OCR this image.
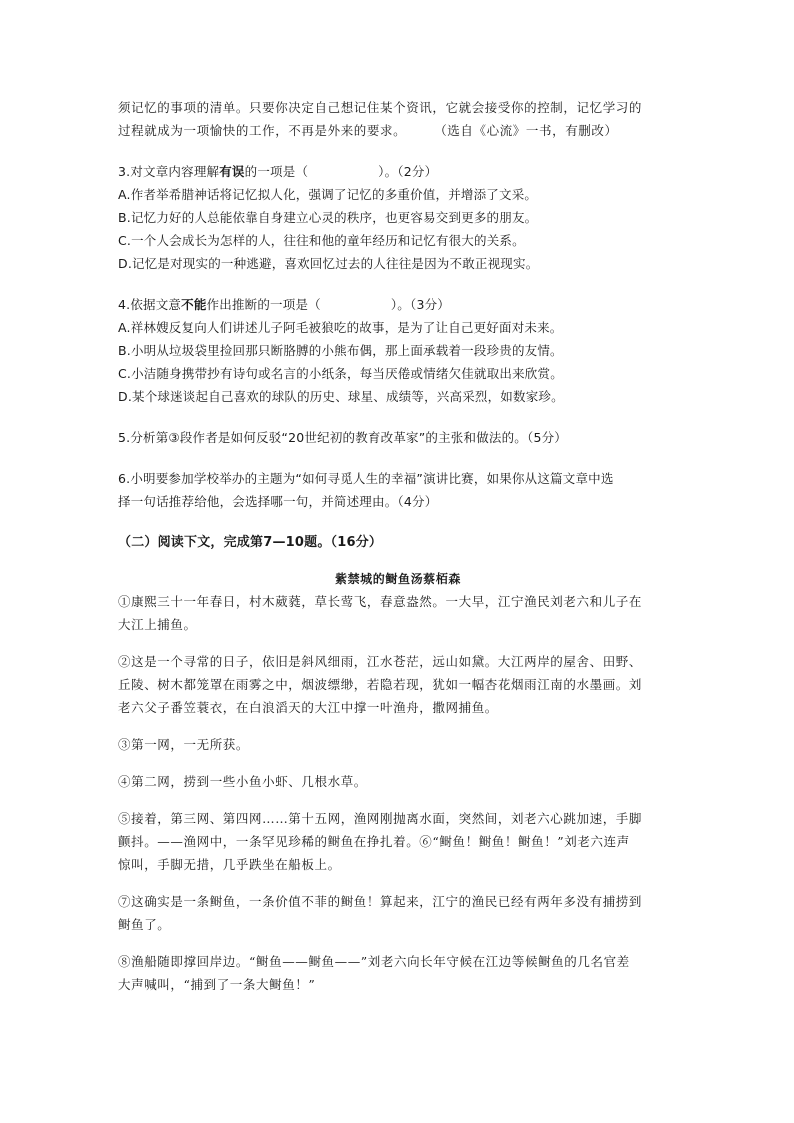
须记忆的事项的清单。只要你决定自己想记住某个资讯，它就会接受你的控制，记忆学习的
过程就成为一项愉快的工作，不再是外来的要求。 （选自《心流》一书，有删改）
3.对文章内容理解有误的一项是（	）。（2分）
A.作者举希腊神话将记忆拟人化，强调了记忆的多重价值，并增添了文采。
B.记忆力好的人总能依靠自身建立心灵的秩序，也更容易交到更多的朋友。
C.一个人会成长为怎样的人，往往和他的童年经历和记忆有很大的关系。
D.记忆是对现实的一种逃避，喜欢回忆过去的人往往是因为不敢正视现实。
4.依据文意不能作出推断的一项是（	）。（3分）
A.祥林嫂反复向人们讲述儿子阿毛被狼吃的故事，是为了让自己更好面对未来。
B.小明从垃圾袋里捡回那只断胳膊的小熊布偶，那上面承载着一段珍贵的友情。
C.小洁随身携带抄有诗句或名言的小纸条，每当厌倦或情绪欠佳就取出来欣赏。
D.某个球迷谈起自己喜欢的球队的历史、球星、成绩等，兴高采烈，如数家珍。
5.分析第③段作者是如何反驳“20世纪初的教育改革家”的主张和做法的。（5分）
6.小明要参加学校举办的主题为“如何寻觅人生的幸福”演讲比赛，如果你从这篇文章中选
择一句话推荐给他，会选择哪一句，并简述理由。（4分）
（二）阅读下文，完成第7—10题。（16分）
紫禁城的鲥鱼汤蔡栢森
①康熙三十一年春日，村木葳蕤，草长莺飞，春意盎然。一大早，江宁渔民刘老六和儿子在
大江上捕鱼。
②这是一个寻常的日子，依旧是斜风细雨，江水苍茫，远山如黛。大江两岸的屋舍、田野、
丘陵、树木都笼罩在雨雾之中，烟波缥缈，若隐若现，犹如一幅杏花烟雨江南的水墨画。刘
老六父子番笠蓑衣，在白浪滔天的大江中撑一叶渔舟，撒网捕鱼。
③第一网，一无所获。
④第二网，捞到一些小鱼小虾、几根水草。
⑤接着，第三网、第四网……第十五网，渔网刚抛离水面，突然间，刘老六心跳加速，手脚
颤抖。——渔网中，一条罕见珍稀的鲥鱼在挣扎着。⑥“鲥鱼！鲥鱼！鲥鱼！”刘老六连声
惊叫，手脚无措，几乎跌坐在船板上。
⑦这确实是一条鲥鱼，一条价值不菲的鲥鱼！算起来，江宁的渔民已经有两年多没有捕捞到
鲥鱼了。
⑧渔船随即撑回岸边。“鲥鱼——鲥鱼——”刘老六向长年守候在江边等候鲥鱼的几名官差
大声喊叫，“捕到了一条大鲥鱼！”
